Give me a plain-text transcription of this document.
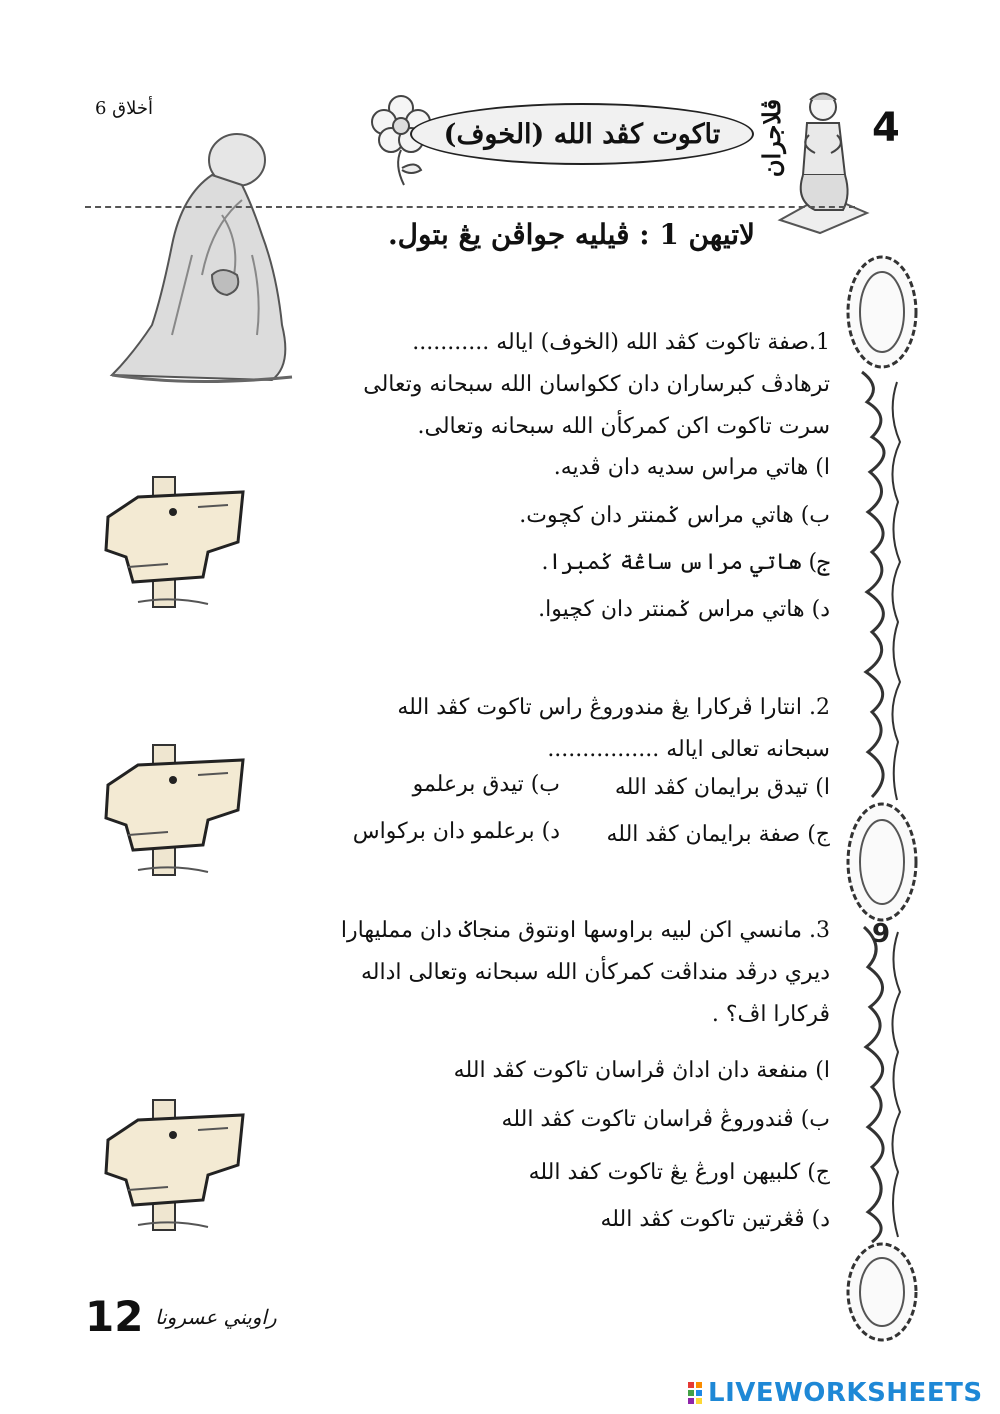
أخلاق 6
تاكوت كڤد الله (الخوف) ڤلاجران 4
لاتيهن 1 : ڤيليه جواڤن يڠ بتول.
9
1.صفة تاكوت كڤد الله (الخوف) اياله ...........
ترهادڤ كبرساران دان ككواسان الله سبحانه وتعالى
سرت تاكوت اكن كمركأن الله سبحانه وتعالى.
ا) هاتي مراس سديه دان ڤديه.
ب) هاتي مراس ݢمنتر دان كچوت.
ج) هاتي مراس ساڠة ݢمبرا.
د) هاتي مراس ݢمنتر دان كچيوا.
2. انتارا ڤركارا يڠ مندوروڠ راس تاكوت كڤد الله
سبحانه تعالى اياله ................
ا) تيدق برايمان كڤد الله
ب) تيدق برعلمو
ج) صفة برايمان كڤد الله
د) برعلمو دان بركواس
3. مانسي اكن لبيه براوسها اونتوق منجاݢ دان ممليهارا
ديري درڤد منداڤت كمركأن الله سبحانه وتعالى اداله
ڤركارا اڤ؟ .
ا) منفعة دان اداڽ ڤراسان تاكوت كڤد الله
ب) ڤندوروڠ ڤراسان تاكوت كڤد الله
ج) كلبيهن اورڠ يڠ تاكوت كفد الله
د) ڤڠرتين تاكوت كڤد الله
12 راويني عسرونا
LIVEWORKSHEETS
